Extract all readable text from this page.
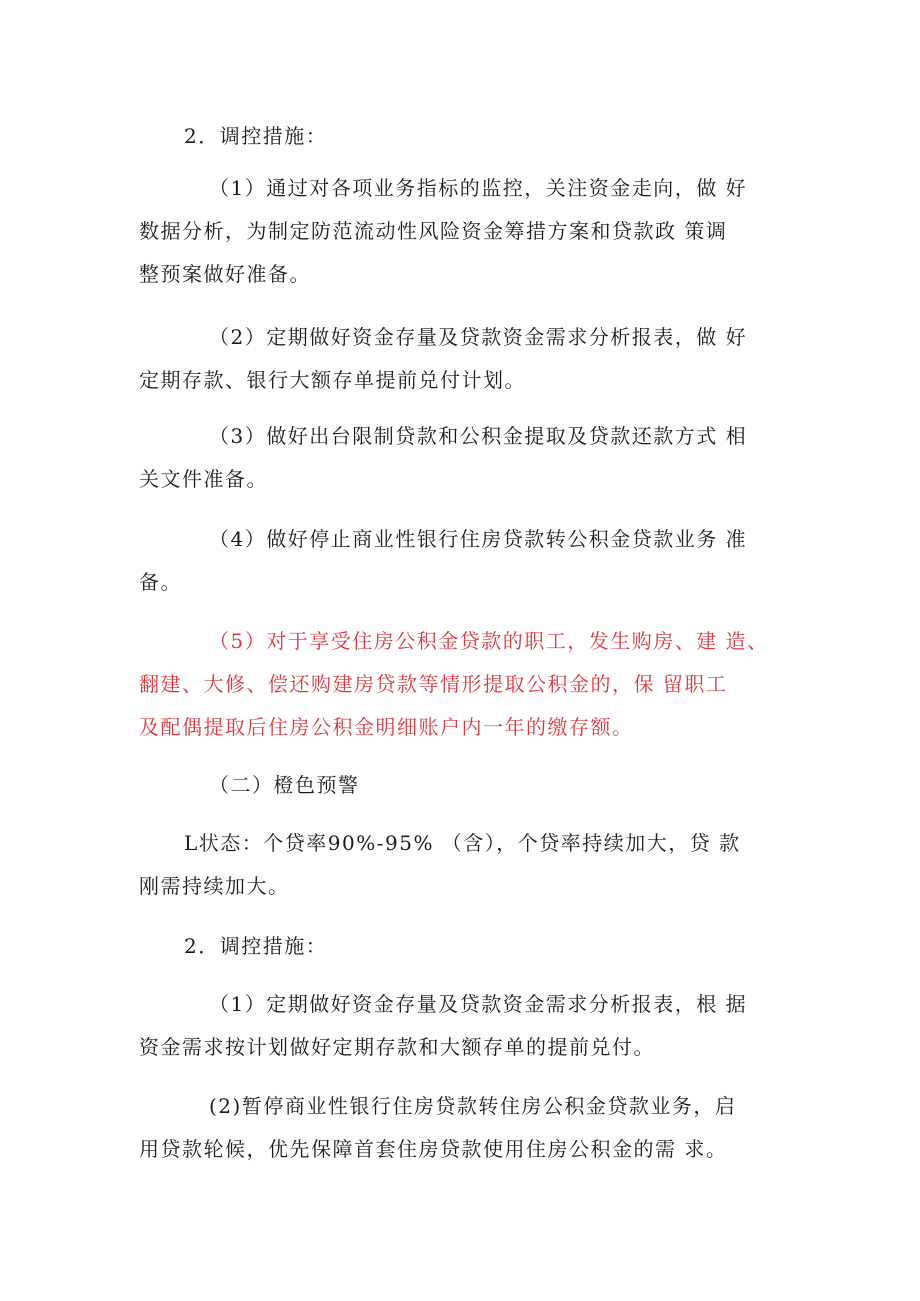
2．调控措施：
（1）通过对各项业务指标的监控，关注资金走向，做 好
数据分析，为制定防范流动性风险资金筹措方案和贷款政 策调
整预案做好准备。
（2）定期做好资金存量及贷款资金需求分析报表，做 好
定期存款、银行大额存单提前兑付计划。
（3）做好出台限制贷款和公积金提取及贷款还款方式 相
关文件准备。
（4）做好停止商业性银行住房贷款转公积金贷款业务 准
备。
（5）对于享受住房公积金贷款的职工，发生购房、建 造、
翻建、大修、偿还购建房贷款等情形提取公积金的，保 留职工
及配偶提取后住房公积金明细账户内一年的缴存额。
（二）橙色预警
L状态：个贷率90%-95% （含），个贷率持续加大，贷 款
刚需持续加大。
2．调控措施：
（1）定期做好资金存量及贷款资金需求分析报表，根 据
资金需求按计划做好定期存款和大额存单的提前兑付。
(2)暂停商业性银行住房贷款转住房公积金贷款业务，启
用贷款轮候，优先保障首套住房贷款使用住房公积金的需 求。
